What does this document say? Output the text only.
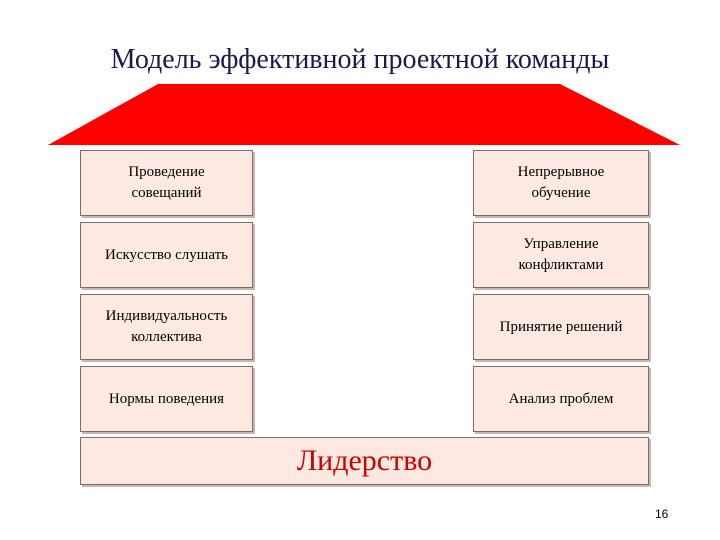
Модель эффективной проектной команды
Проведение
совещаний
Искусство слушать
Индивидуальность
коллектива
Нормы поведения
Непрерывное
обучение
Управление
конфликтами
Принятие решений
Анализ проблем
Лидерство
16
